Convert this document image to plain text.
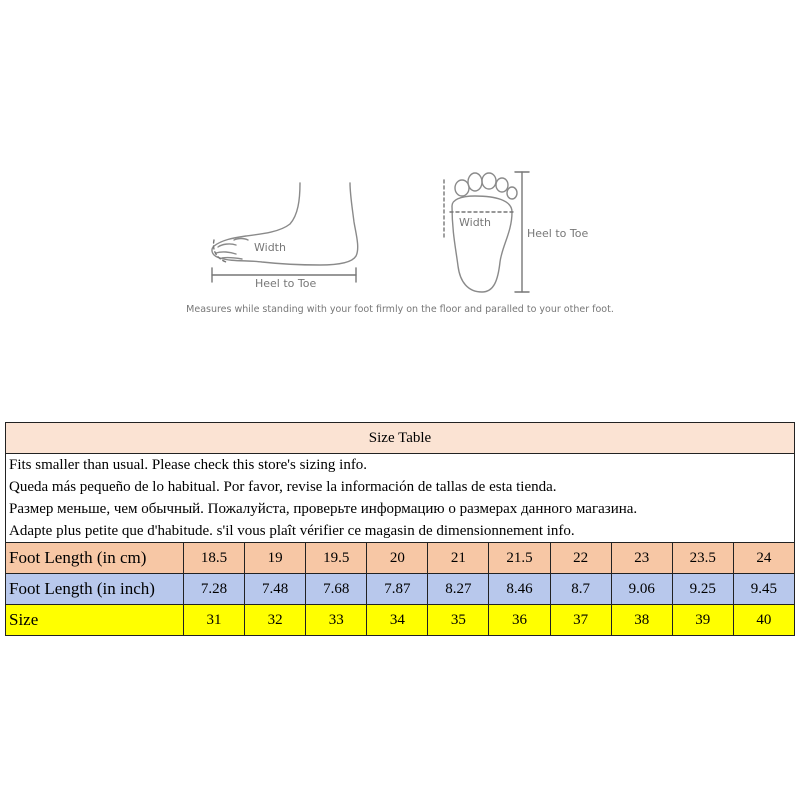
Width
Heel to Toe
Width
Heel to Toe
Measures while standing with your foot firmly on the floor and paralled to your other foot.
Size Table										
Fits smaller than usual. Please check this store's sizing info.										
Queda más pequeño de lo habitual. Por favor, revise la información de tallas de esta tienda.										
Размер меньше, чем обычный. Пожалуйста, проверьте информацию о размерах данного магазина.										
Adapte plus petite que d'habitude. s'il vous plaît vérifier ce magasin de dimensionnement info.										
Foot Length (in cm)	18.5	19	19.5	20	21	21.5	22	23	23.5	24
Foot Length (in inch)	7.28	7.48	7.68	7.87	8.27	8.46	8.7	9.06	9.25	9.45
Size	31	32	33	34	35	36	37	38	39	40
